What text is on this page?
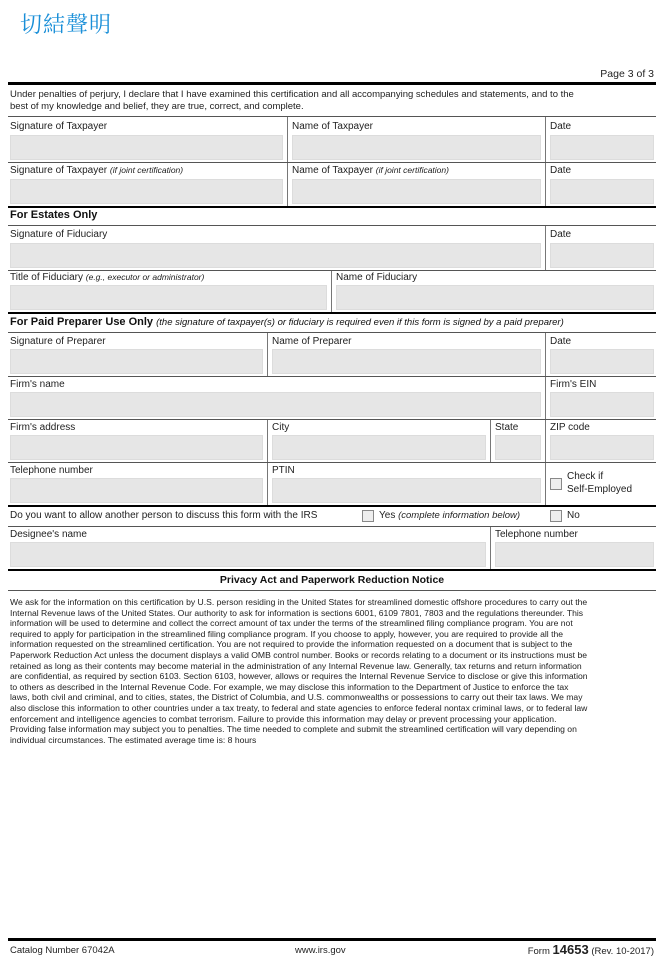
切結聲明
Page 3 of 3
Under penalties of perjury, I declare that I have examined this certification and all accompanying schedules and statements, and to the
best of my knowledge and belief, they are true, correct, and complete.
Signature of Taxpayer	Name of Taxpayer	Date
Signature of Taxpayer (if joint certification)	Name of Taxpayer (if joint certification)	Date
For Estates Only
Signature of Fiduciary	Date
Title of Fiduciary (e.g., executor or administrator)	Name of Fiduciary
For Paid Preparer Use Only (the signature of taxpayer(s) or fiduciary is required even if this form is signed by a paid preparer)
Signature of Preparer	Name of Preparer	Date
Firm's name	Firm's EIN
Firm's address	City	State	ZIP code
Telephone number	PTIN
Check if
Self-Employed
Do you want to allow another person to discuss this form with the IRS	Yes (complete information below)	No
Designee's name	Telephone number
Privacy Act and Paperwork Reduction Notice
We ask for the information on this certification by U.S. person residing in the United States for streamlined domestic offshore procedures to carry out the
Internal Revenue laws of the United States. Our authority to ask for information is sections 6001, 6109 7801, 7803 and the regulations thereunder. This
information will be used to determine and collect the correct amount of tax under the terms of the streamlined filing compliance program. You are not
required to apply for participation in the streamlined filing compliance program. If you choose to apply, however, you are required to provide all the
information requested on the streamlined certification. You are not required to provide the information requested on a document that is subject to the
Paperwork Reduction Act unless the document displays a valid OMB control number. Books or records relating to a document or its instructions must be
retained as long as their contents may become material in the administration of any Internal Revenue law. Generally, tax returns and return information
are confidential, as required by section 6103. Section 6103, however, allows or requires the Internal Revenue Service to disclose or give this information
to others as described in the Internal Revenue Code. For example, we may disclose this information to the Department of Justice to enforce the tax
laws, both civil and criminal, and to cities, states, the District of Columbia, and U.S. commonwealths or possessions to carry out their tax laws. We may
also disclose this information to other countries under a tax treaty, to federal and state agencies to enforce federal nontax criminal laws, or to federal law
enforcement and intelligence agencies to combat terrorism. Failure to provide this information may delay or prevent processing your application.
Providing false information may subject you to penalties. The time needed to complete and submit the streamlined certification will vary depending on
individual circumstances. The estimated average time is: 8 hours
Catalog Number 67042A	www.irs.gov	Form 14653 (Rev. 10-2017)
